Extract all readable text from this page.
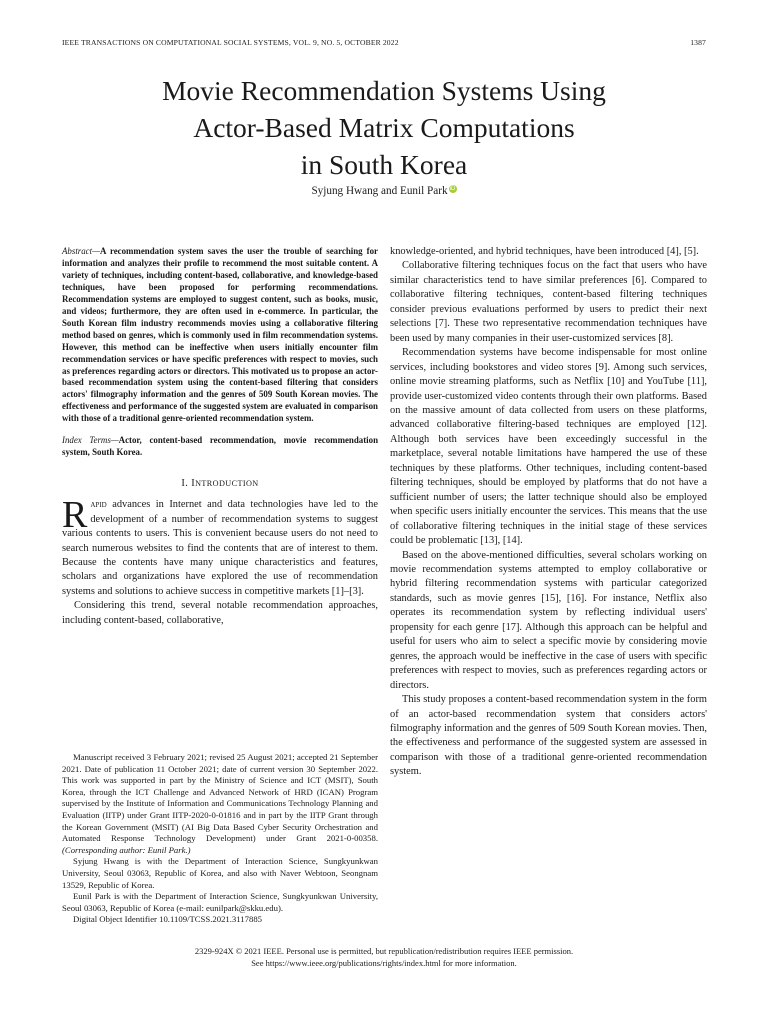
IEEE TRANSACTIONS ON COMPUTATIONAL SOCIAL SYSTEMS, VOL. 9, NO. 5, OCTOBER 2022	1387
Movie Recommendation Systems Using
Actor-Based Matrix Computations
in South Korea
Syjung Hwang and Eunil Park iD

Abstract—A recommendation system saves the user the trouble of searching for information and analyzes their profile to recommend the most suitable content. A variety of techniques, including content-based, collaborative, and knowledge-based techniques, have been proposed for performing recommendations. Recommendation systems are employed to suggest content, such as books, music, and videos; furthermore, they are often used in e-commerce. In particular, the South Korean film industry recommends movies using a collaborative filtering method based on genres, which is commonly used in film recommendation systems. However, this method can be ineffective when users initially encounter film recommendation services or have specific preferences with respect to movies, such as preferences regarding actors or directors. This motivated us to propose an actor-based recommendation system using the content-based filtering that considers actors' filmography information and the genres of 509 South Korean movies. The effectiveness and performance of the suggested system are evaluated in comparison with those of a traditional genre-oriented recommendation system.

Index Terms—Actor, content-based recommendation, movie recommendation system, South Korea.

I. INTRODUCTION

Rapid advances in Internet and data technologies have led to the development of a number of recommendation systems to suggest various contents to users. This is convenient because users do not need to search numerous websites to find the contents that are of interest to them. Because the contents have many unique characteristics and features, scholars and organizations have explored the use of recommendation systems and solutions to achieve success in competitive markets [1]–[3].

Considering this trend, several notable recommendation approaches, including content-based, collaborative,

Manuscript received 3 February 2021; revised 25 August 2021; accepted 21 September 2021. Date of publication 11 October 2021; date of current version 30 September 2022. This work was supported in part by the Ministry of Science and ICT (MSIT), South Korea, through the ICT Challenge and Advanced Network of HRD (ICAN) Program supervised by the Institute of Information and Communications Technology Planning and Evaluation (IITP) under Grant IITP-2020-0-01816 and in part by the IITP Grant through the Korean Government (MSIT) (AI Big Data Based Cyber Security Orchestration and Automated Response Technology Development) under Grant 2021-0-00358. (Corresponding author: Eunil Park.)

Syjung Hwang is with the Department of Interaction Science, Sungkyunkwan University, Seoul 03063, Republic of Korea, and also with Naver Webtoon, Seongnam 13529, Republic of Korea.

Eunil Park is with the Department of Interaction Science, Sungkyunkwan University, Seoul 03063, Republic of Korea (e-mail: eunilpark@skku.edu).

Digital Object Identifier 10.1109/TCSS.2021.3117885

knowledge-oriented, and hybrid techniques, have been introduced [4], [5].

Collaborative filtering techniques focus on the fact that users who have similar characteristics tend to have similar preferences [6]. Compared to collaborative filtering techniques, content-based filtering techniques consider previous evaluations performed by users to predict their next selections [7]. These two representative recommendation techniques have been used by many companies in their user-customized services [8].

Recommendation systems have become indispensable for most online services, including bookstores and video stores [9]. Among such services, online movie streaming platforms, such as Netflix [10] and YouTube [11], provide user-customized video contents through their own platforms. Based on the massive amount of data collected from users on these platforms, advanced collaborative filtering-based techniques are employed [12]. Although both services have been exceedingly successful in the marketplace, several notable limitations have hampered the use of these techniques by these platforms. Other techniques, including content-based filtering techniques, should be employed by platforms that do not have a sufficient number of users; the latter technique should also be employed when specific users initially encounter the services. This means that the use of collaborative filtering techniques in the initial stage of these services could be problematic [13], [14].

Based on the above-mentioned difficulties, several scholars working on movie recommendation systems attempted to employ collaborative or hybrid filtering recommendation systems with particular categorized standards, such as movie genres [15], [16]. For instance, Netflix also operates its recommendation system by reflecting individual users' propensity for each genre [17]. Although this approach can be helpful and useful for users who aim to select a specific movie by considering movie genres, the approach would be ineffective in the case of users with specific preferences with respect to movies, such as preferences regarding actors or directors.

This study proposes a content-based recommendation system in the form of an actor-based recommendation system that considers actors' filmography information and the genres of 509 South Korean movies. Then, the effectiveness and performance of the suggested system are assessed in comparison with those of a traditional genre-oriented recommendation system.

2329-924X © 2021 IEEE. Personal use is permitted, but republication/redistribution requires IEEE permission.
See https://www.ieee.org/publications/rights/index.html for more information.
